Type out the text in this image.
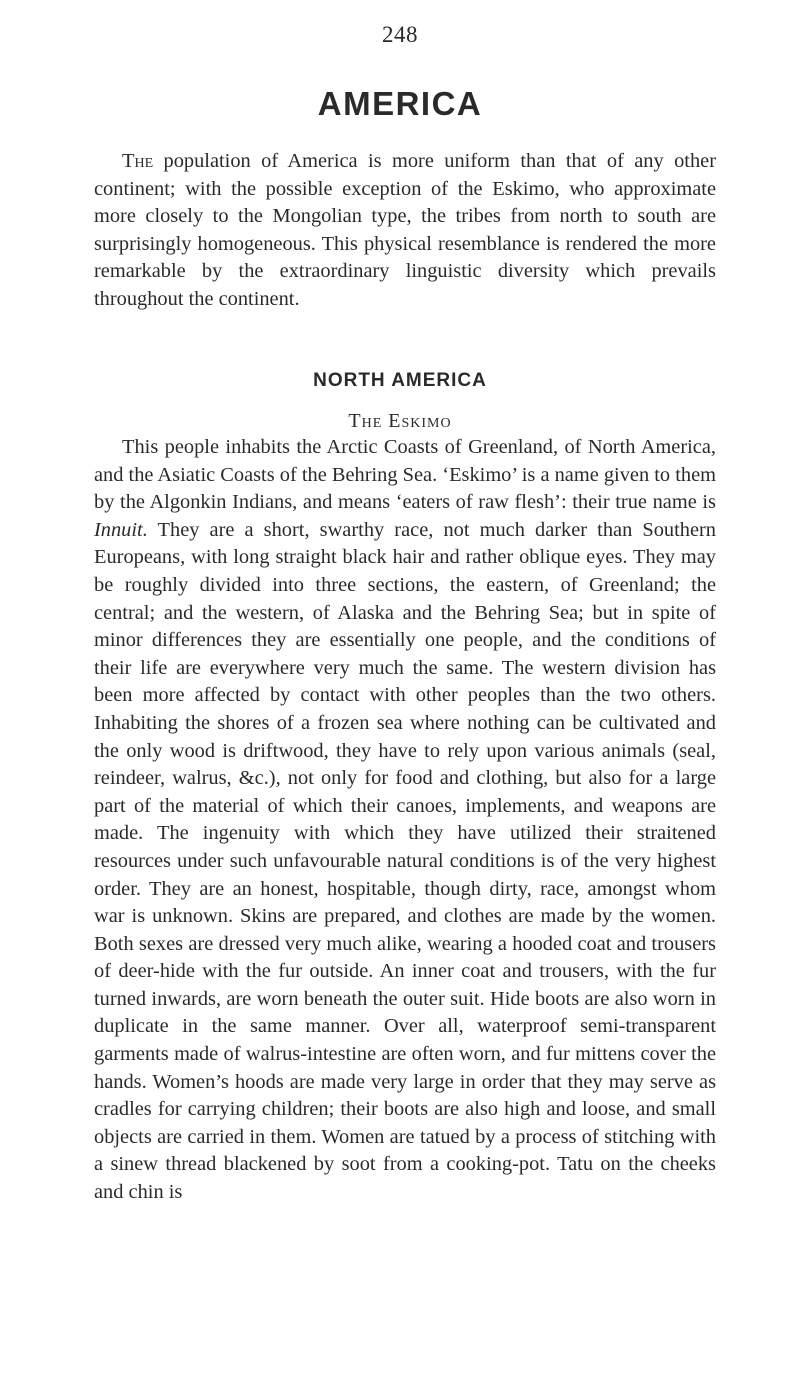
248
AMERICA

The population of America is more uniform than that of any other continent; with the possible exception of the Eskimo, who approximate more closely to the Mongolian type, the tribes from north to south are surprisingly homogeneous. This physical resemblance is rendered the more remarkable by the extraordinary linguistic diversity which prevails throughout the continent.

NORTH AMERICA
The Eskimo

This people inhabits the Arctic Coasts of Greenland, of North America, and the Asiatic Coasts of the Behring Sea. ‘Eskimo’ is a name given to them by the Algonkin Indians, and means ‘eaters of raw flesh’: their true name is Innuit. They are a short, swarthy race, not much darker than Southern Europeans, with long straight black hair and rather oblique eyes. They may be roughly divided into three sections, the eastern, of Greenland; the central; and the western, of Alaska and the Behring Sea; but in spite of minor differences they are essentially one people, and the conditions of their life are everywhere very much the same. The western division has been more affected by contact with other peoples than the two others. Inhabiting the shores of a frozen sea where nothing can be cultivated and the only wood is driftwood, they have to rely upon various animals (seal, reindeer, walrus, &c.), not only for food and clothing, but also for a large part of the material of which their canoes, implements, and weapons are made. The ingenuity with which they have utilized their straitened resources under such unfavourable natural conditions is of the very highest order. They are an honest, hospitable, though dirty, race, amongst whom war is unknown. Skins are prepared, and clothes are made by the women. Both sexes are dressed very much alike, wearing a hooded coat and trousers of deer-hide with the fur outside. An inner coat and trousers, with the fur turned inwards, are worn beneath the outer suit. Hide boots are also worn in duplicate in the same manner. Over all, waterproof semi-transparent garments made of walrus-intestine are often worn, and fur mittens cover the hands. Women’s hoods are made very large in order that they may serve as cradles for carrying children; their boots are also high and loose, and small objects are carried in them. Women are tatued by a process of stitching with a sinew thread blackened by soot from a cooking-pot. Tatu on the cheeks and chin is
